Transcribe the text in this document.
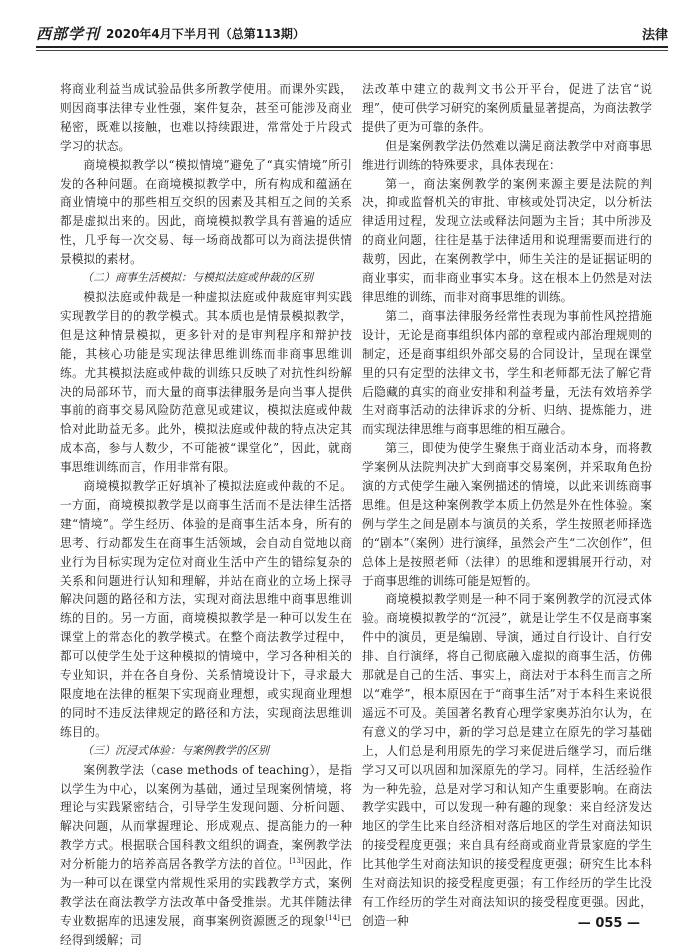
西部学刊 2020年4月下半月刊（总第113期）	法律
✦

将商业利益当成试验品供多所教学使用。而课外实践，则因商事法律专业性强，案件复杂，甚至可能涉及商业秘密，既难以接触，也难以持续跟进，常常处于片段式学习的状态。

商境模拟教学以“模拟情境”避免了“真实情境”所引发的各种问题。在商境模拟教学中，所有构成和蕴涵在商业情境中的那些相互交织的因素及其相互之间的关系都是虚拟出来的。因此，商境模拟教学具有普遍的适应性，几乎每一次交易、每一场商战都可以为商法提供情景模拟的素材。

（二）商事生活模拟：与模拟法庭或仲裁的区别

模拟法庭或仲裁是一种虚拟法庭或仲裁庭审判实践实现教学目的的教学模式。其本质也是情景模拟教学，但是这种情景模拟，更多针对的是审判程序和辩护技能，其核心功能是实现法律思维训练而非商事思维训练。尤其模拟法庭或仲裁的训练只反映了对抗性纠纷解决的局部环节，而大量的商事法律服务是向当事人提供事前的商事交易风险防范意见或建议，模拟法庭或仲裁恰对此助益无多。此外，模拟法庭或仲裁的特点决定其成本高，参与人数少，不可能被“课堂化”，因此，就商事思维训练而言，作用非常有限。

商境模拟教学正好填补了模拟法庭或仲裁的不足。一方面，商境模拟教学是以商事生活而不是法律生活搭建“情境”。学生经历、体验的是商事生活本身，所有的思考、行动都发生在商事生活领域，会自动自觉地以商业行为目标实现为定位对商业生活中产生的错综复杂的关系和问题进行认知和理解，并站在商业的立场上探寻解决问题的路径和方法，实现对商法思维中商事思维训练的目的。另一方面，商境模拟教学是一种可以发生在课堂上的常态化的教学模式。在整个商法教学过程中，都可以使学生处于这种模拟的情境中，学习各种相关的专业知识，并在各自身份、关系情境设计下，寻求最大限度地在法律的框架下实现商业理想，或实现商业理想的同时不违反法律规定的路径和方法，实现商法思维训练目的。

（三）沉浸式体验：与案例教学的区别

案例教学法（case methods of teaching），是指以学生为中心，以案例为基础，通过呈现案例情境，将理论与实践紧密结合，引导学生发现问题、分析问题、解决问题，从而掌握理论、形成观点、提高能力的一种教学方式。根据联合国科教文组织的调查，案例教学法对分析能力的培养高居各教学方法的首位。[13]因此，作为一种可以在课堂内常规性采用的实践教学方式，案例教学法在商法教学方法改革中备受推崇。尤其伴随法律专业数据库的迅速发展，商事案例资源匮乏的现象[14]已经得到缓解；司

法改革中建立的裁判文书公开平台，促进了法官“说理”，使可供学习研究的案例质量显著提高，为商法教学提供了更为可靠的条件。

但是案例教学法仍然难以满足商法教学中对商事思维进行训练的特殊要求，具体表现在：

第一，商法案例教学的案例来源主要是法院的判决，抑或监督机关的审批、审核或处罚决定，以分析法律适用过程，发现立法或释法问题为主旨；其中所涉及的商业问题，往往是基于法律适用和说理需要而进行的裁剪，因此，在案例教学中，师生关注的是证据证明的商业事实，而非商业事实本身。这在根本上仍然是对法律思维的训练，而非对商事思维的训练。

第二，商事法律服务经常性表现为事前性风控措施设计，无论是商事组织体内部的章程或内部治理规则的制定，还是商事组织外部交易的合同设计，呈现在课堂里的只有定型的法律文书，学生和老师都无法了解它背后隐藏的真实的商业安排和利益考量，无法有效培养学生对商事活动的法律诉求的分析、归纳、提炼能力，进而实现法律思维与商事思维的相互融合。

第三，即使为使学生聚焦于商业活动本身，而将教学案例从法院判决扩大到商事交易案例，并采取角色扮演的方式使学生融入案例描述的情境，以此来训练商事思维。但是这种案例教学本质上仍然是外在性体验。案例与学生之间是剧本与演员的关系，学生按照老师择选的“剧本”（案例）进行演绎，虽然会产生“二次创作”，但总体上是按照老师（法律）的思维和逻辑展开行动，对于商事思维的训练可能是短暂的。

商境模拟教学则是一种不同于案例教学的沉浸式体验。商境模拟教学的“沉浸”，就是让学生不仅是商事案件中的演员，更是编剧、导演，通过自行设计、自行安排、自行演绎，将自己彻底融入虚拟的商事生活，仿佛那就是自己的生活、事实上，商法对于本科生而言之所以“难学”，根本原因在于“商事生活”对于本科生来说很遥远不可及。美国著名教育心理学家奥苏泊尔认为，在有意义的学习中，新的学习总是建立在原先的学习基础上，人们总是利用原先的学习来促进后继学习，而后继学习又可以巩固和加深原先的学习。同样，生活经验作为一种先验，总是对学习和认知产生重要影响。在商法教学实践中，可以发现一种有趣的现象：来自经济发达地区的学生比来自经济相对落后地区的学生对商法知识的接受程度更强；来自具有经商或商业背景家庭的学生比其他学生对商法知识的接受程度更强；研究生比本科生对商法知识的接受程度更强；有工作经历的学生比没有工作经历的学生对商法知识的接受程度更强。因此，创造一种	— 055 —
